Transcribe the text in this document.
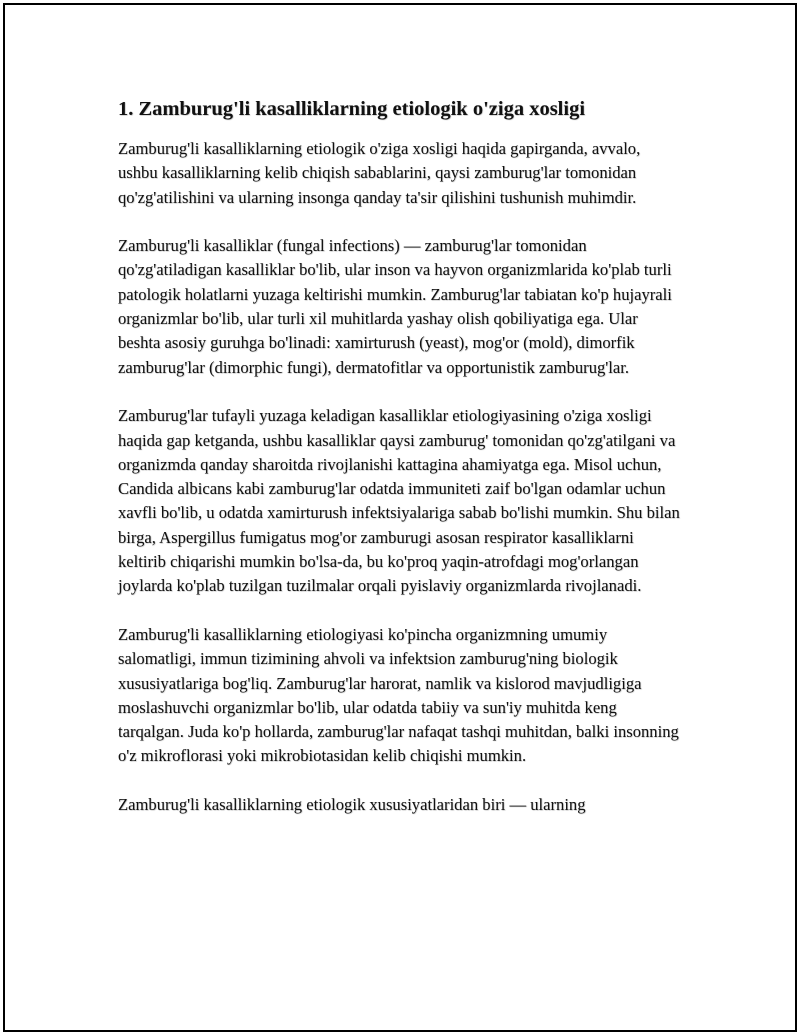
1. Zamburug'li kasalliklarning etiologik o'ziga xosligi

Zamburug'li kasalliklarning etiologik o'ziga xosligi haqida gapirganda, avvalo, ushbu kasalliklarning kelib chiqish sabablarini, qaysi zamburug'lar tomonidan qo'zg'atilishini va ularning insonga qanday ta'sir qilishini tushunish muhimdir.

Zamburug'li kasalliklar (fungal infections) — zamburug'lar tomonidan qo'zg'atiladigan kasalliklar bo'lib, ular inson va hayvon organizmlarida ko'plab turli patologik holatlarni yuzaga keltirishi mumkin. Zamburug'lar tabiatan ko'p hujayrali organizmlar bo'lib, ular turli xil muhitlarda yashay olish qobiliyatiga ega. Ular beshta asosiy guruhga bo'linadi: xamirturush (yeast), mog'or (mold), dimorfik zamburug'lar (dimorphic fungi), dermatofitlar va opportunistik zamburug'lar.

Zamburug'lar tufayli yuzaga keladigan kasalliklar etiologiyasining o'ziga xosligi haqida gap ketganda, ushbu kasalliklar qaysi zamburug' tomonidan qo'zg'atilgani va organizmda qanday sharoitda rivojlanishi kattagina ahamiyatga ega. Misol uchun, Candida albicans kabi zamburug'lar odatda immuniteti zaif bo'lgan odamlar uchun xavfli bo'lib, u odatda xamirturush infektsiyalariga sabab bo'lishi mumkin. Shu bilan birga, Aspergillus fumigatus mog'or zamburugi asosan respirator kasalliklarni keltirib chiqarishi mumkin bo'lsa-da, bu ko'proq yaqin-atrofdagi mog'orlangan joylarda ko'plab tuzilgan tuzilmalar orqali pyislaviy organizmlarda rivojlanadi.

Zamburug'li kasalliklarning etiologiyasi ko'pincha organizmning umumiy salomatligi, immun tizimining ahvoli va infektsion zamburug'ning biologik xususiyatlariga bog'liq. Zamburug'lar harorat, namlik va kislorod mavjudligiga moslashuvchi organizmlar bo'lib, ular odatda tabiiy va sun'iy muhitda keng tarqalgan. Juda ko'p hollarda, zamburug'lar nafaqat tashqi muhitdan, balki insonning o'z mikroflorasi yoki mikrobiotasidan kelib chiqishi mumkin.

Zamburug'li kasalliklarning etiologik xususiyatlaridan biri — ularning
